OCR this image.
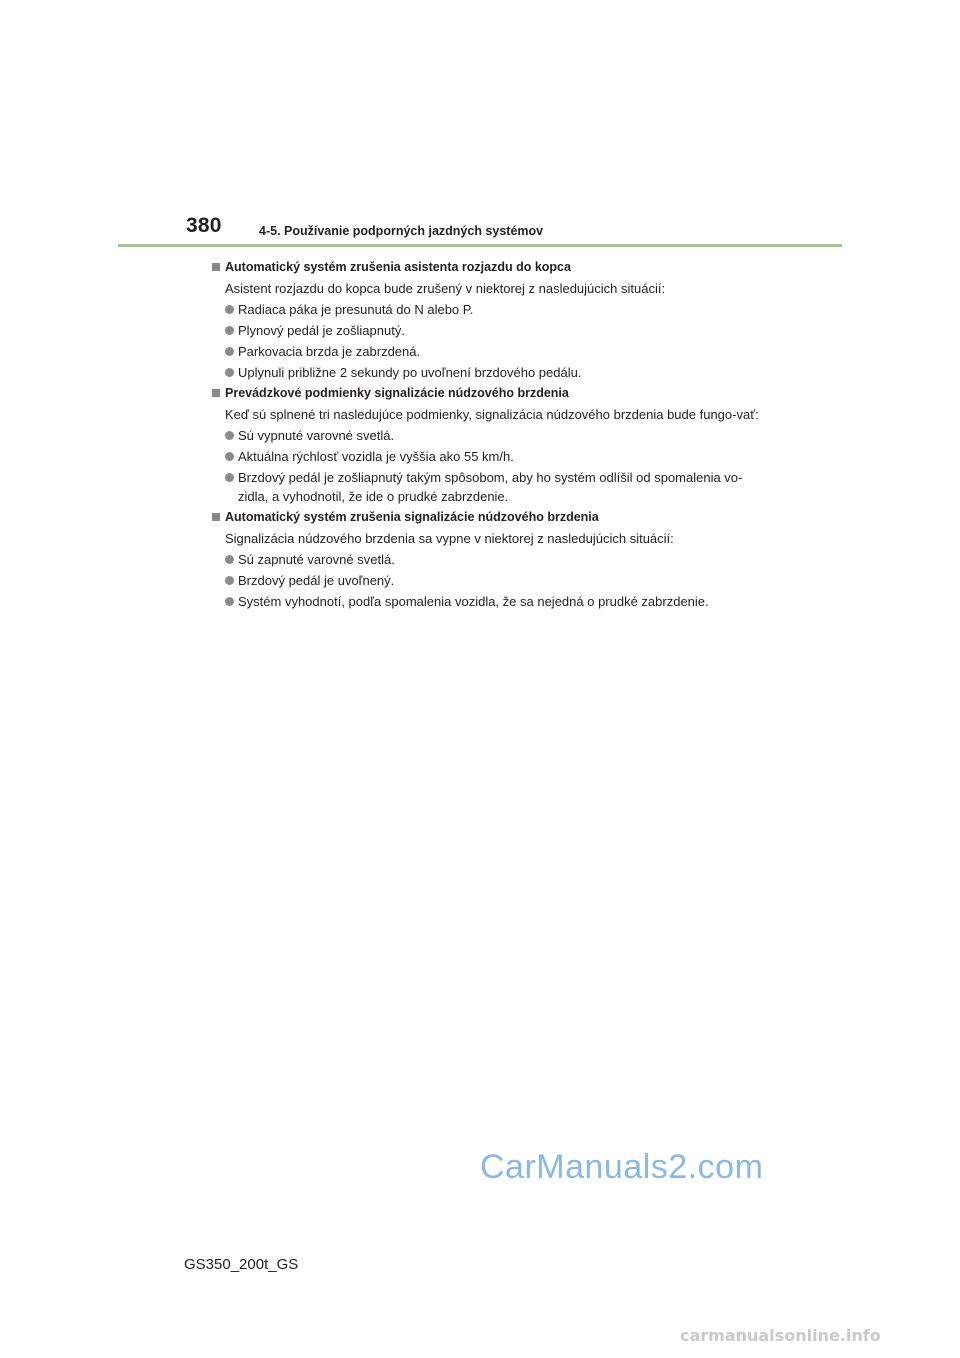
380	4-5. Používanie podporných jazdných systémov
Automatický systém zrušenia asistenta rozjazdu do kopca
Asistent rozjazdu do kopca bude zrušený v niektorej z nasledujúcich situácií:
Radiaca páka je presunutá do N alebo P.
Plynový pedál je zošliapnutý.
Parkovacia brzda je zabrzdená.
Uplynuli približne 2 sekundy po uvoľnení brzdového pedálu.
Prevádzkové podmienky signalizácie núdzového brzdenia
Keď sú splnené tri nasledujúce podmienky, signalizácia núdzového brzdenia bude fungo-vať:
Sú vypnuté varovné svetlá.
Aktuálna rýchlosť vozidla je vyššia ako 55 km/h.
Brzdový pedál je zošliapnutý takým spôsobom, aby ho systém odlíšil od spomalenia vo-zidla, a vyhodnotil, že ide o prudké zabrzdenie.
Automatický systém zrušenia signalizácie núdzového brzdenia
Signalizácia núdzového brzdenia sa vypne v niektorej z nasledujúcich situácií:
Sú zapnuté varovné svetlá.
Brzdový pedál je uvoľnený.
Systém vyhodnotí, podľa spomalenia vozidla, že sa nejedná o prudké zabrzdenie.
CarManuals2.com
GS350_200t_GS
carmanualsonline.info
